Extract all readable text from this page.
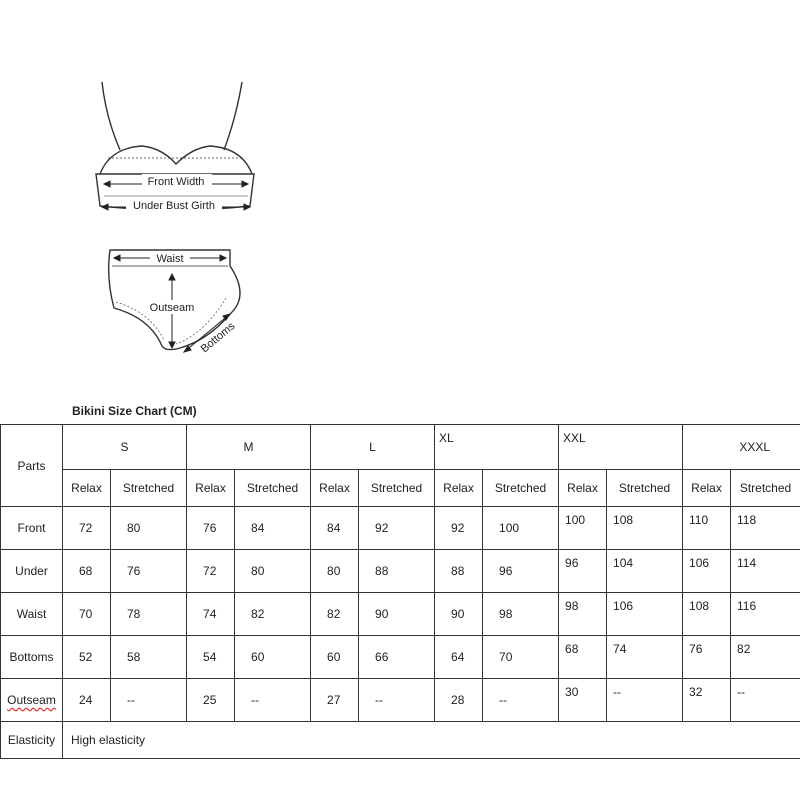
Front Width
Under Bust Girth
Waist
Outseam
Bottoms
Bikini Size Chart (CM)
Parts	S		M		L		XL		XXL		XXXL	
	Relax	Stretched	Relax	Stretched	Relax	Stretched	Relax	Stretched	Relax	Stretched	Relax	Stretched
Front	72	80	76	84	84	92	92	100	100	108	110	118
Under	68	76	72	80	80	88	88	96	96	104	106	114
Waist	70	78	74	82	82	90	90	98	98	106	108	116
Bottoms	52	58	54	60	60	66	64	70	68	74	76	82
Outseam	24	--	25	--	27	--	28	--	30	--	32	--
Elasticity	High elasticity											
